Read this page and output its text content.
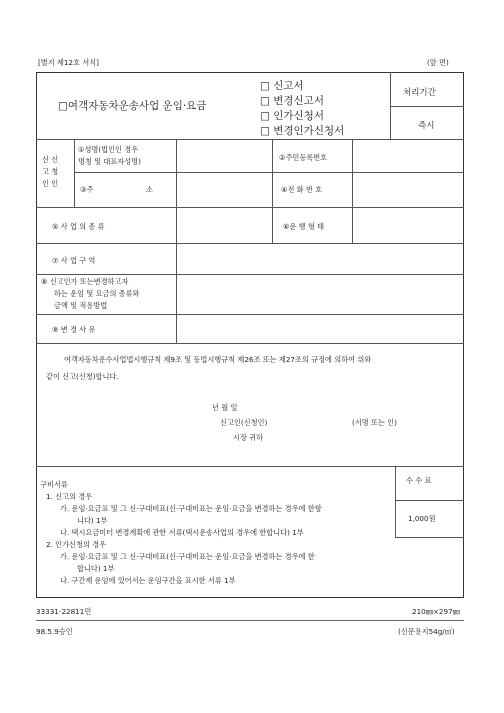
[별지 제12호 서식]	(앞 면)
□여객자동차운송사업 운임·요금
□ 신고서
□ 변경신고서
□ 인가신청서
□ 변경인가신청서
처리기간
즉시
신 신
고 청
인 인
①성명(법인인 경우
명칭 및 대표자성명)	②주민등록번호
③주	소	④전 화 번 호
⑤ 사 업 의 종 류	⑥운 행 형 태
⑦ 사 업 구 역
⑧ 신고인가 또는변경하고자
하는 운임 및 요금의 종류와
금액 및 적용방법
⑨ 변 경 사 유
여객자동차운수사업법시행규칙 제9조 및 동법시행규칙 제26조 또는 제27조의 규정에 의하여 위와
같이 신고(신청)합니다.
년 월 일
신고인(신청인)	(서명 또는 인)
시장 귀하
수 수 료
1,000원
구비서류
1. 신고의 경우
가. 운임·요금표 및 그 신·구대비표(신·구대비표는 운임·요금을 변경하는 경우에 한함
니다) 1부
나. 택시요금미터 변경계획에 관한 서류(택시운송사업의 경우에 한합니다) 1부
2. 인가신청의 경우
가. 운임·요금표 및 그 신·구대비표(신·구대비표는 운임·요금을 변경하는 경우에 한
합니다) 1부
나. 구간제 운임에 있어서는 운임구간을 표시한 서류 1부
33331-22811민
98.5.9승인
210㎜×297㎜
(신문용지54g/㎡)
